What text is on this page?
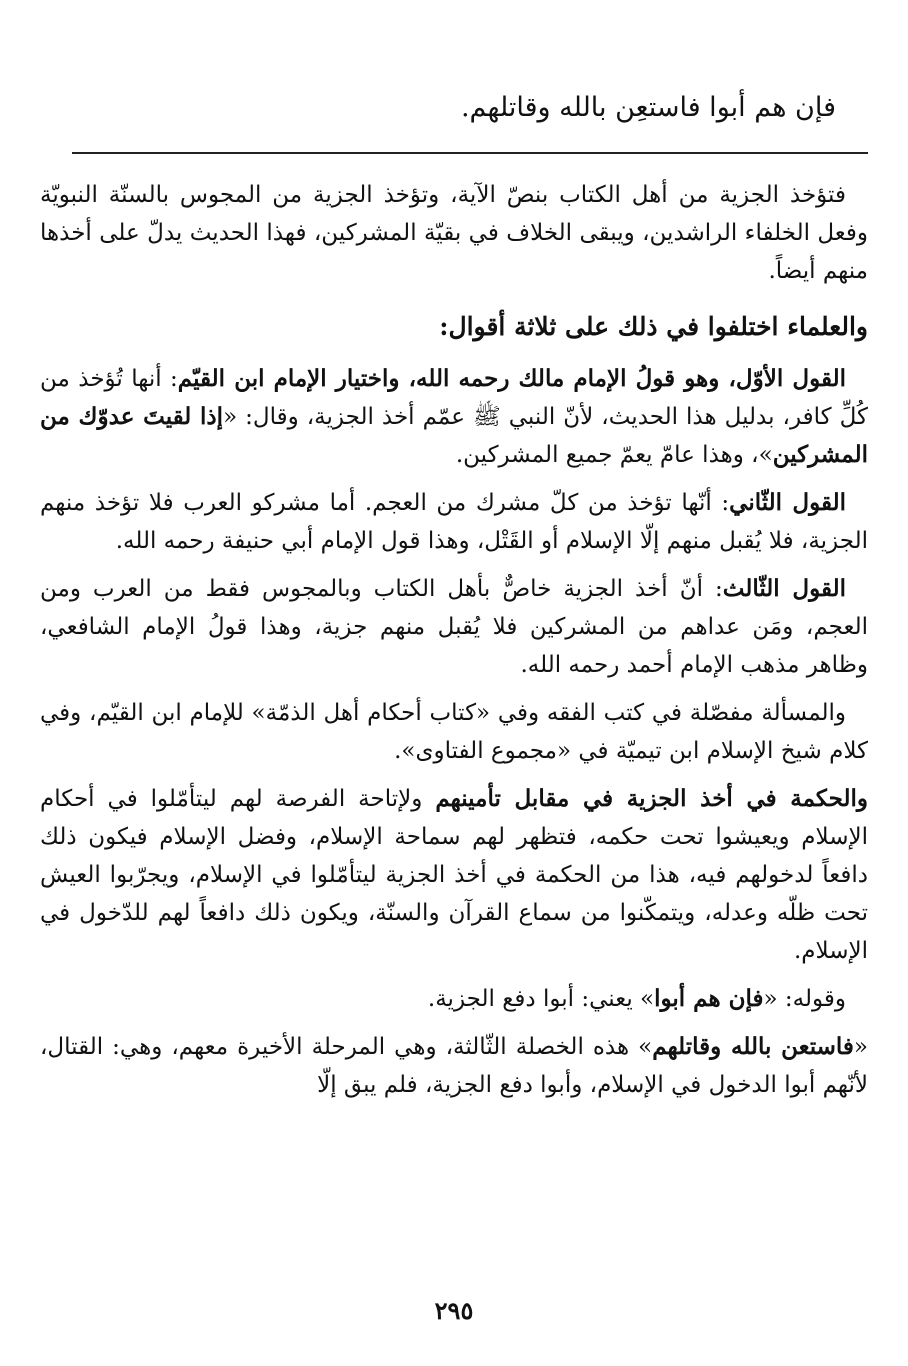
فإن هم أبوا فاستعِن بالله وقاتلهم.

فتؤخذ الجزية من أهل الكتاب بنصّ الآية، وتؤخذ الجزية من المجوس بالسنّة النبويّة وفعل الخلفاء الراشدين، ويبقى الخلاف في بقيّة المشركين، فهذا الحديث يدلّ على أخذها منهم أيضاً.

والعلماء اختلفوا في ذلك على ثلاثة أقوال:

القول الأوّل، وهو قولُ الإمام مالك رحمه الله، واختيار الإمام ابن القيّم: أنها تُؤخذ من كُلِّ كافر، بدليل هذا الحديث، لأنّ النبي ﷺ عمّم أخذ الجزية، وقال: «إذا لقيتَ عدوّك من المشركين»، وهذا عامّ يعمّ جميع المشركين.

القول الثّاني: أنّها تؤخذ من كلّ مشرك من العجم. أما مشركو العرب فلا تؤخذ منهم الجزية، فلا يُقبل منهم إلّا الإسلام أو القَتْل، وهذا قول الإمام أبي حنيفة رحمه الله.

القول الثّالث: أنّ أخذ الجزية خاصٌّ بأهل الكتاب وبالمجوس فقط من العرب ومن العجم، ومَن عداهم من المشركين فلا يُقبل منهم جزية، وهذا قولُ الإمام الشافعي، وظاهر مذهب الإمام أحمد رحمه الله.

والمسألة مفصّلة في كتب الفقه وفي «كتاب أحكام أهل الذمّة» للإمام ابن القيّم، وفي كلام شيخ الإسلام ابن تيميّة في «مجموع الفتاوى».

والحكمة في أخذ الجزية في مقابل تأمينهم ولإتاحة الفرصة لهم ليتأمّلوا في أحكام الإسلام ويعيشوا تحت حكمه، فتظهر لهم سماحة الإسلام، وفضل الإسلام فيكون ذلك دافعاً لدخولهم فيه، هذا من الحكمة في أخذ الجزية ليتأمّلوا في الإسلام، ويجرّبوا العيش تحت ظلّه وعدله، ويتمكّنوا من سماع القرآن والسنّة، ويكون ذلك دافعاً لهم للدّخول في الإسلام.

وقوله: «فإن هم أبوا» يعني: أبوا دفع الجزية.

«فاستعن بالله وقاتلهم» هذه الخصلة الثّالثة، وهي المرحلة الأخيرة معهم، وهي: القتال، لأنّهم أبوا الدخول في الإسلام، وأبوا دفع الجزية، فلم يبق إلّا

٢٩٥
